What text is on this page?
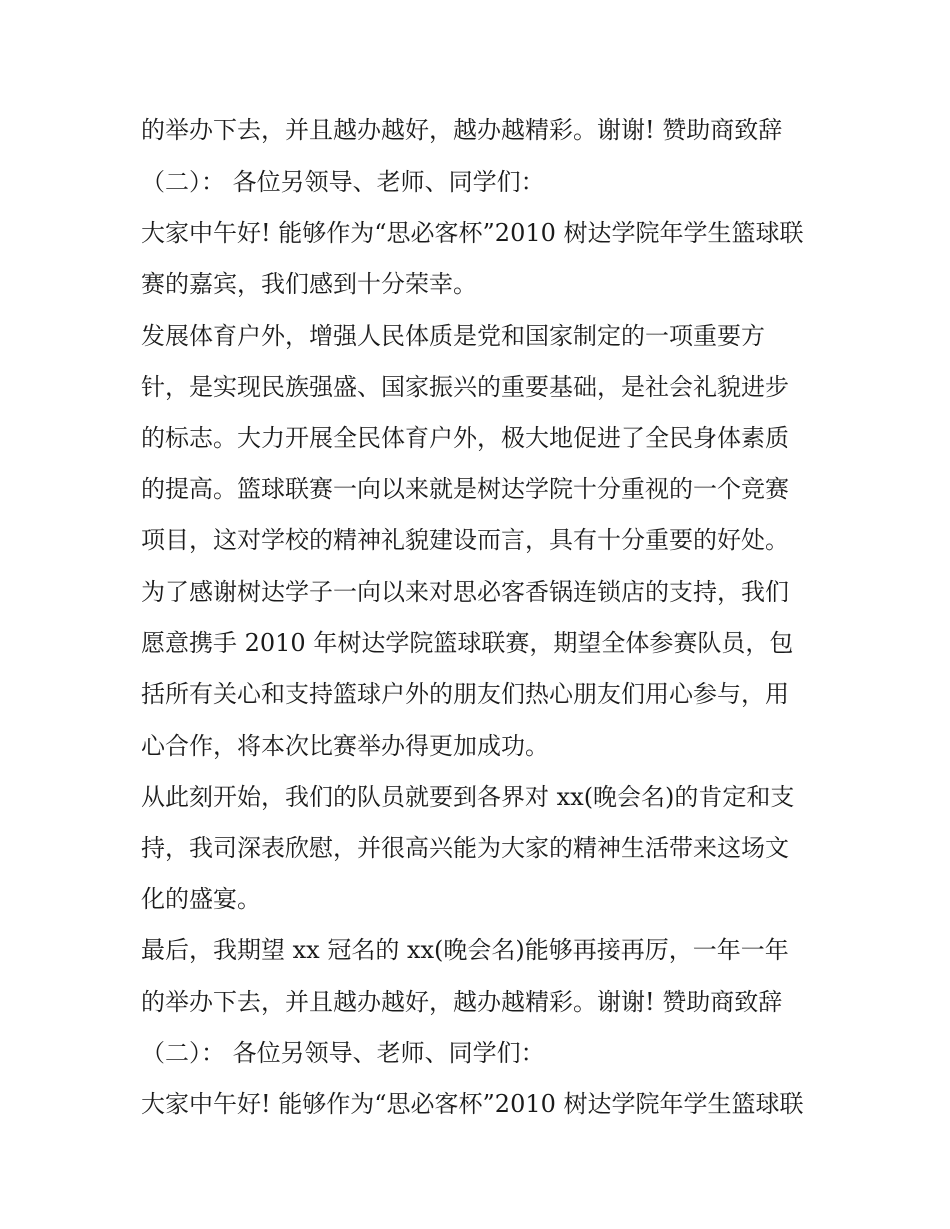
的举办下去，并且越办越好，越办越精彩。谢谢! 赞助商致辞
（二）： 各位另领导、老师、同学们：
大家中午好! 能够作为“思必客杯”2010 树达学院年学生篮球联
赛的嘉宾，我们感到十分荣幸。
发展体育户外，增强人民体质是党和国家制定的一项重要方
针，是实现民族强盛、国家振兴的重要基础，是社会礼貌进步
的标志。大力开展全民体育户外，极大地促进了全民身体素质
的提高。篮球联赛一向以来就是树达学院十分重视的一个竞赛
项目，这对学校的精神礼貌建设而言，具有十分重要的好处。
为了感谢树达学子一向以来对思必客香锅连锁店的支持，我们
愿意携手 2010 年树达学院篮球联赛，期望全体参赛队员，包
括所有关心和支持篮球户外的朋友们热心朋友们用心参与，用
心合作，将本次比赛举办得更加成功。
从此刻开始，我们的队员就要到各界对 xx(晚会名)的肯定和支
持，我司深表欣慰，并很高兴能为大家的精神生活带来这场文
化的盛宴。
最后，我期望 xx 冠名的 xx(晚会名)能够再接再厉，一年一年
的举办下去，并且越办越好，越办越精彩。谢谢! 赞助商致辞
（二）： 各位另领导、老师、同学们：
大家中午好! 能够作为“思必客杯”2010 树达学院年学生篮球联
